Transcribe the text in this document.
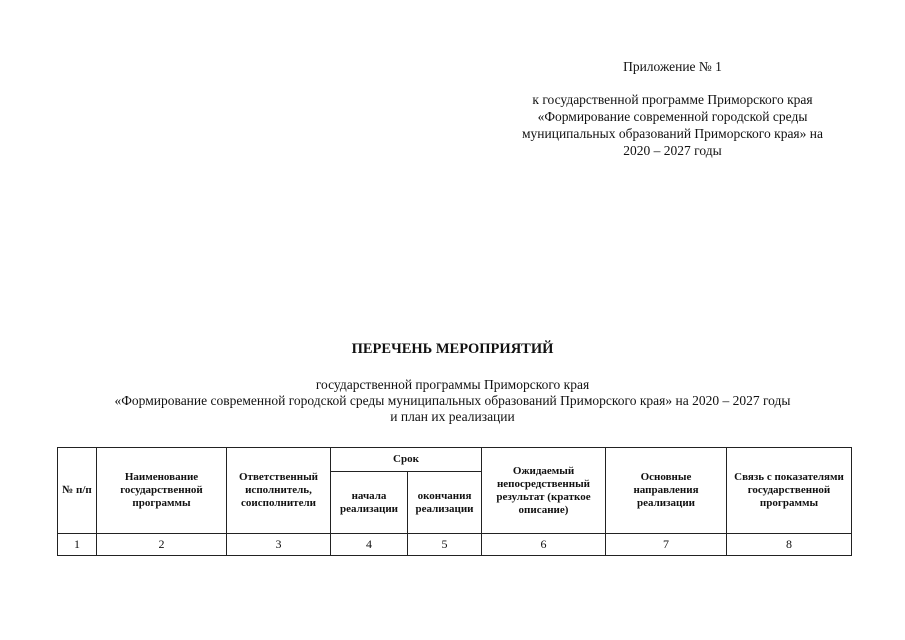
Приложение № 1
к государственной программе Приморского края
«Формирование современной городской среды
муниципальных образований Приморского края» на
2020 – 2027 годы
ПЕРЕЧЕНЬ МЕРОПРИЯТИЙ
государственной программы Приморского края
«Формирование современной городской среды муниципальных образований Приморского края» на 2020 – 2027 годы
и план их реализации
№ п/п	Наименование государственной программы	Ответственный исполнитель, соисполнители	Срок		Ожидаемый непосредственный результат (краткое описание)	Основные направления реализации	Связь с показателями государственной программы
			начала реализации	окончания реализации			
1	2	3	4	5	6	7	8
